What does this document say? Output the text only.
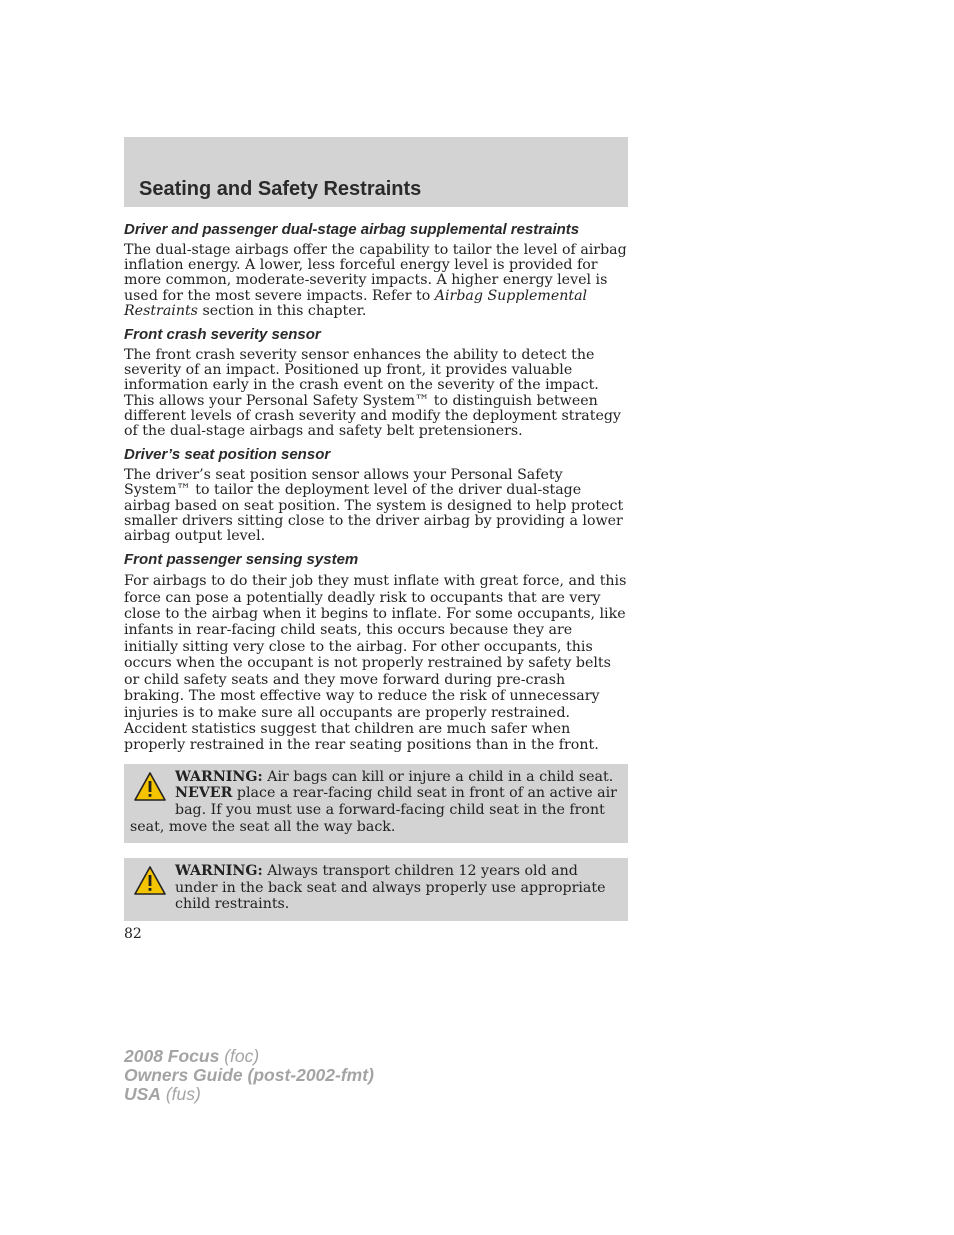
Seating and Safety Restraints
Driver and passenger dual-stage airbag supplemental restraints

The dual-stage airbags offer the capability to tailor the level of airbag inflation energy. A lower, less forceful energy level is provided for more common, moderate-severity impacts. A higher energy level is used for the most severe impacts. Refer to Airbag Supplemental Restraints section in this chapter.

Front crash severity sensor

The front crash severity sensor enhances the ability to detect the severity of an impact. Positioned up front, it provides valuable information early in the crash event on the severity of the impact. This allows your Personal Safety System™ to distinguish between different levels of crash severity and modify the deployment strategy of the dual-stage airbags and safety belt pretensioners.

Driver’s seat position sensor

The driver’s seat position sensor allows your Personal Safety System™ to tailor the deployment level of the driver dual-stage airbag based on seat position. The system is designed to help protect smaller drivers sitting close to the driver airbag by providing a lower airbag output level.

Front passenger sensing system

For airbags to do their job they must inflate with great force, and this force can pose a potentially deadly risk to occupants that are very close to the airbag when it begins to inflate. For some occupants, like infants in rear-facing child seats, this occurs because they are initially sitting very close to the airbag. For other occupants, this occurs when the occupant is not properly restrained by safety belts or child safety seats and they move forward during pre-crash braking. The most effective way to reduce the risk of unnecessary injuries is to make sure all occupants are properly restrained. Accident statistics suggest that children are much safer when properly restrained in the rear seating positions than in the front.

WARNING: Air bags can kill or injure a child in a child seat. NEVER place a rear-facing child seat in front of an active air bag. If you must use a forward-facing child seat in the front seat, move the seat all the way back.
WARNING: Always transport children 12 years old and under in the back seat and always properly use appropriate child restraints.
82
2008 Focus (foc)
Owners Guide (post-2002-fmt)
USA (fus)
